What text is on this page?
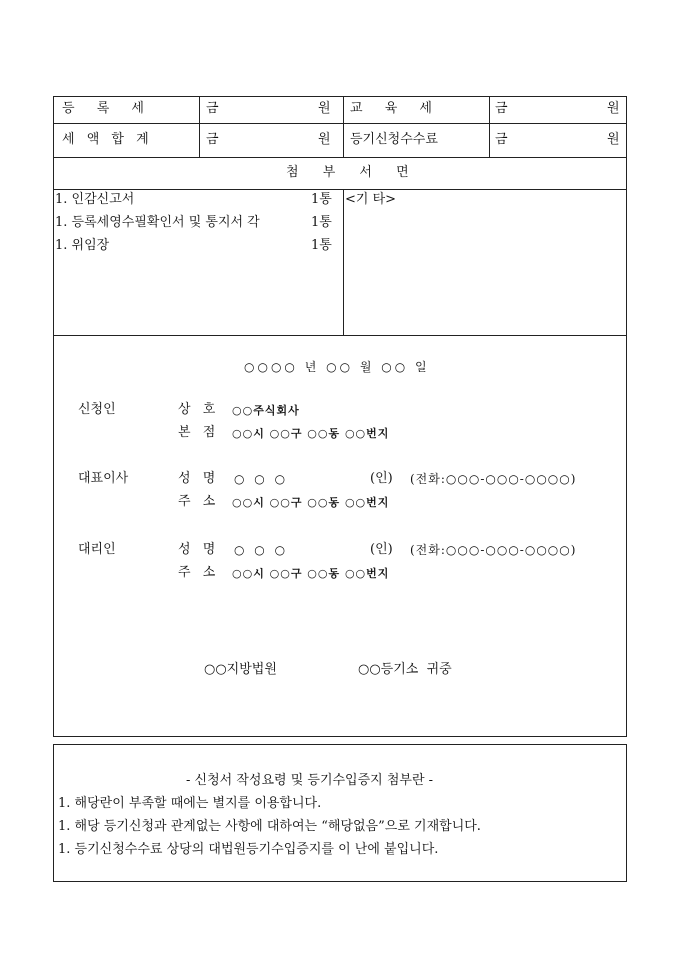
등 록 세	금	원 교 육 세	금	원
세 액 합 계	금	원 등기신청수수료	금	원
첨 부 서 면
1. 인감신고서	1통
1. 등록세영수필확인서 및 통지서 각	1통
1. 위임장	1통
<기 타>
○○○○ 년 ○○ 월 ○○ 일
신청인	상 호 ○○주식회사
본 점 ○○시 ○○구 ○○동 ○○번지
대표이사	성 명 ○ ○ ○	(인) (전화:○○○-○○○-○○○○)
주 소 ○○시 ○○구 ○○동 ○○번지
대리인	성 명 ○ ○ ○	(인) (전화:○○○-○○○-○○○○)
주 소 ○○시 ○○구 ○○동 ○○번지
○○지방법원	○○등기소  귀중
- 신청서 작성요령 및 등기수입증지 첨부란 -
1. 해당란이 부족할 때에는 별지를 이용합니다.
1. 해당 등기신청과 관계없는 사항에 대하여는 “해당없음”으로 기재합니다.
1. 등기신청수수료 상당의 대법원등기수입증지를 이 난에 붙입니다.
